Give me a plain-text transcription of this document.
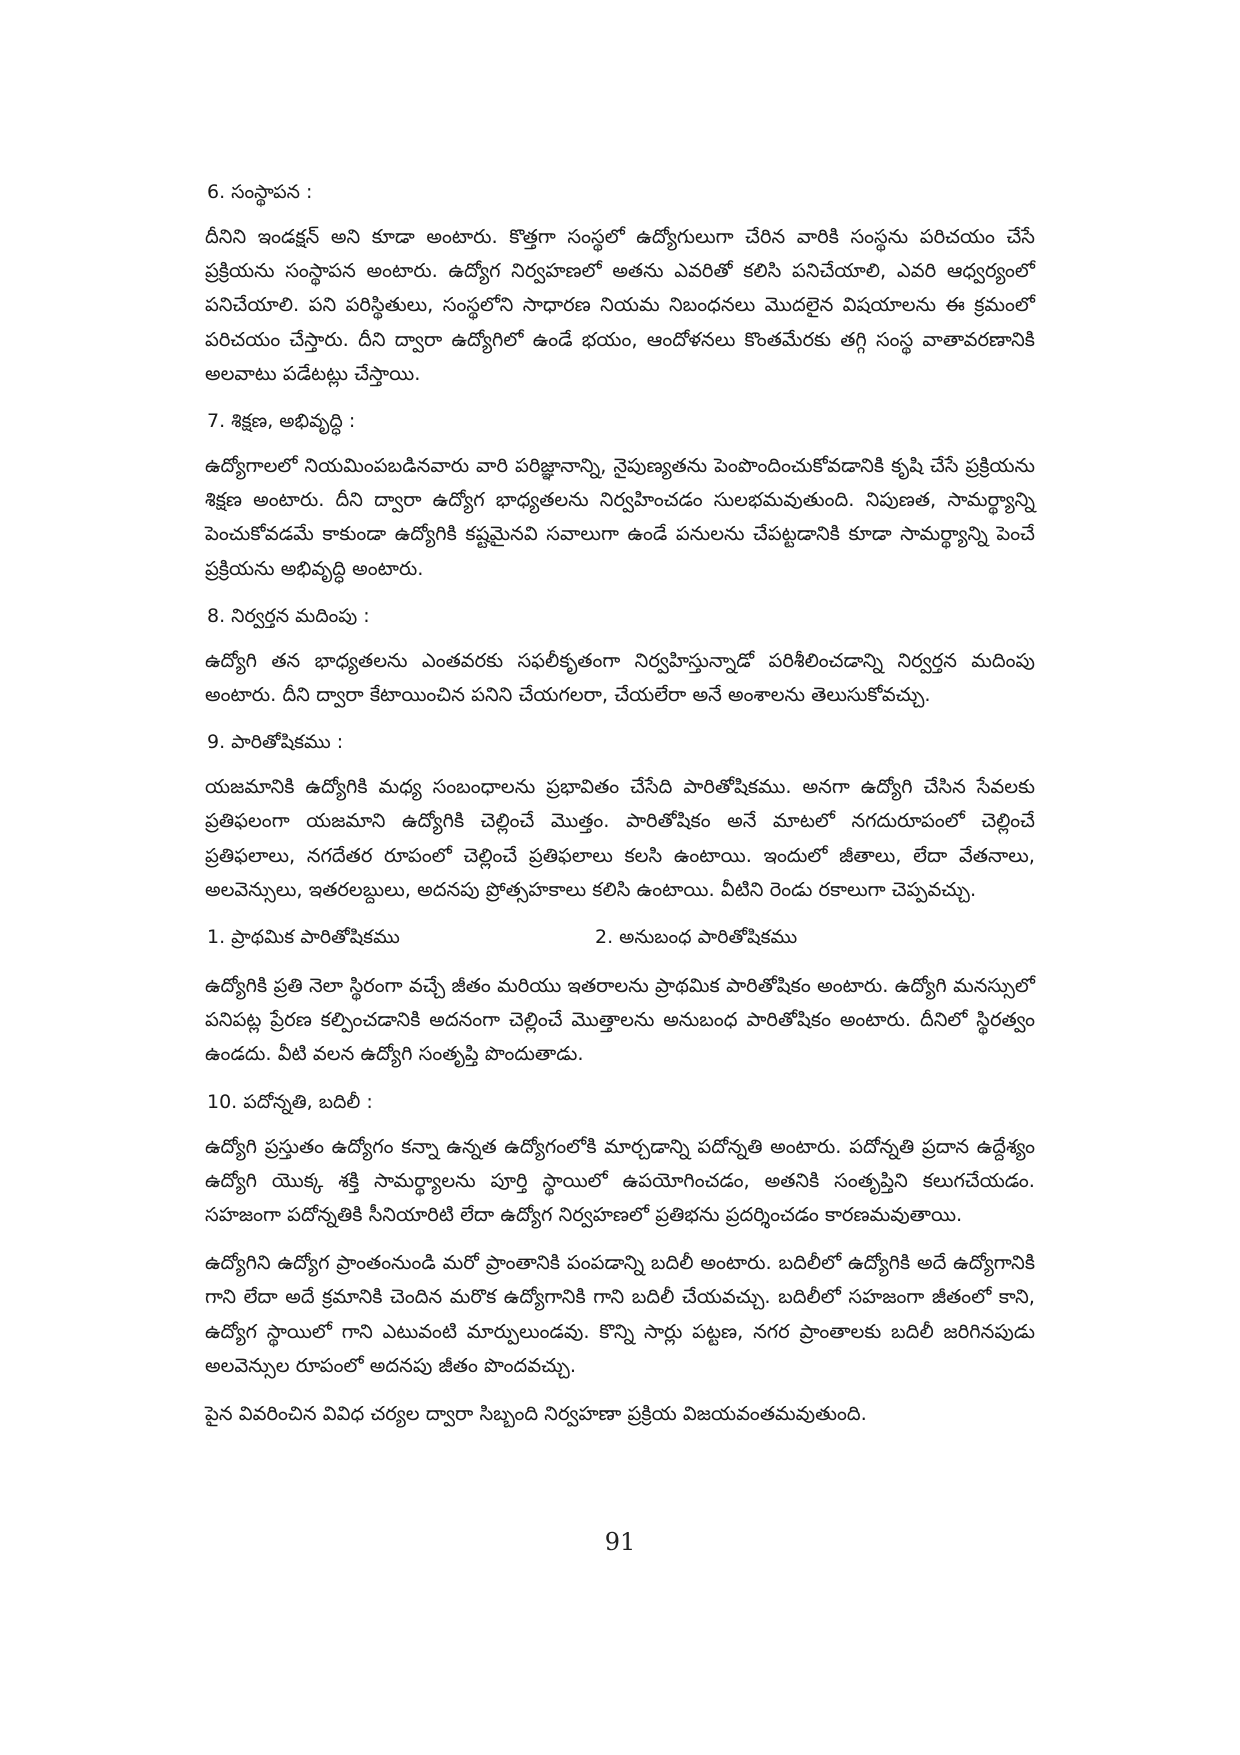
6. సంస్థాపన :

దీనిని ఇండక్షన్ అని కూడా అంటారు. కొత్తగా సంస్థలో ఉద్యోగులుగా చేరిన వారికి సంస్థను పరిచయం చేసే ప్రక్రియను సంస్థాపన అంటారు. ఉద్యోగ నిర్వహణలో అతను ఎవరితో కలిసి పనిచేయాలి, ఎవరి ఆధ్వర్యంలో పనిచేయాలి. పని పరిస్థితులు, సంస్థలోని సాధారణ నియమ నిబంధనలు మొదలైన విషయాలను ఈ క్రమంలో పరిచయం చేస్తారు. దీని ద్వారా ఉద్యోగిలో ఉండే భయం, ఆందోళనలు కొంతమేరకు తగ్గి సంస్థ వాతావరణానికి అలవాటు పడేటట్లు చేస్తాయి.

7. శిక్షణ, అభివృద్ధి :

ఉద్యోగాలలో నియమింపబడినవారు వారి పరిజ్ఞానాన్ని, నైపుణ్యతను పెంపొందించుకోవడానికి కృషి చేసే ప్రక్రియను శిక్షణ అంటారు. దీని ద్వారా ఉద్యోగ భాధ్యతలను నిర్వహించడం సులభమవుతుంది. నిపుణత, సామర్థ్యాన్ని పెంచుకోవడమే కాకుండా ఉద్యోగికి కష్టమైనవి సవాలుగా ఉండే పనులను చేపట్టడానికి కూడా సామర్థ్యాన్ని పెంచే ప్రక్రియను అభివృద్ధి అంటారు.

8. నిర్వర్తన మదింపు :

ఉద్యోగి తన భాధ్యతలను ఎంతవరకు సఫలీకృతంగా నిర్వహిస్తున్నాడో పరిశీలించడాన్ని నిర్వర్తన మదింపు అంటారు. దీని ద్వారా కేటాయించిన పనిని చేయగలరా, చేయలేరా అనే అంశాలను తెలుసుకోవచ్చు.

9. పారితోషికము :

యజమానికి ఉద్యోగికి మధ్య సంబంధాలను ప్రభావితం చేసేది పారితోషికము. అనగా ఉద్యోగి చేసిన సేవలకు ప్రతిఫలంగా యజమాని ఉద్యోగికి చెల్లించే మొత్తం. పారితోషికం అనే మాటలో నగదురూపంలో చెల్లించే ప్రతిఫలాలు, నగదేతర రూపంలో చెల్లించే ప్రతిఫలాలు కలసి ఉంటాయి. ఇందులో జీతాలు, లేదా వేతనాలు, అలవెన్సులు, ఇతరలబ్దులు, అదనపు ప్రోత్సహకాలు కలిసి ఉంటాయి. వీటిని రెండు రకాలుగా చెప్పవచ్చు.

1. ప్రాథమిక పారితోషికము	2. అనుబంధ పారితోషికము

ఉద్యోగికి ప్రతి నెలా స్థిరంగా వచ్చే జీతం మరియు ఇతరాలను ప్రాథమిక పారితోషికం అంటారు. ఉద్యోగి మనస్సులో పనిపట్ల ప్రేరణ కల్పించడానికి అదనంగా చెల్లించే మొత్తాలను అనుబంధ పారితోషికం అంటారు. దీనిలో స్థిరత్వం ఉండదు. వీటి వలన ఉద్యోగి సంతృప్తి పొందుతాడు.

10. పదోన్నతి, బదిలీ :

ఉద్యోగి ప్రస్తుతం ఉద్యోగం కన్నా ఉన్నత ఉద్యోగంలోకి మార్చడాన్ని పదోన్నతి అంటారు. పదోన్నతి ప్రదాన ఉద్దేశ్యం ఉద్యోగి యొక్క శక్తి సామర్థ్యాలను పూర్తి స్థాయిలో ఉపయోగించడం, అతనికి సంతృప్తిని కలుగచేయడం. సహజంగా పదోన్నతికి సీనియారిటి లేదా ఉద్యోగ నిర్వహణలో ప్రతిభను ప్రదర్శించడం కారణమవుతాయి.

ఉద్యోగిని ఉద్యోగ ప్రాంతంనుండి మరో ప్రాంతానికి పంపడాన్ని బదిలీ అంటారు. బదిలీలో ఉద్యోగికి అదే ఉద్యోగానికి గాని లేదా అదే క్రమానికి చెందిన మరొక ఉద్యోగానికి గాని బదిలీ చేయవచ్చు. బదిలీలో సహజంగా జీతంలో కాని, ఉద్యోగ స్థాయిలో గాని ఎటువంటి మార్పులుండవు. కొన్ని సార్లు పట్టణ, నగర ప్రాంతాలకు బదిలీ జరిగినపుడు అలవెన్సుల రూపంలో అదనపు జీతం పొందవచ్చు.

పైన వివరించిన వివిధ చర్యల ద్వారా సిబ్బంది నిర్వహణా ప్రక్రియ విజయవంతమవుతుంది.

91
